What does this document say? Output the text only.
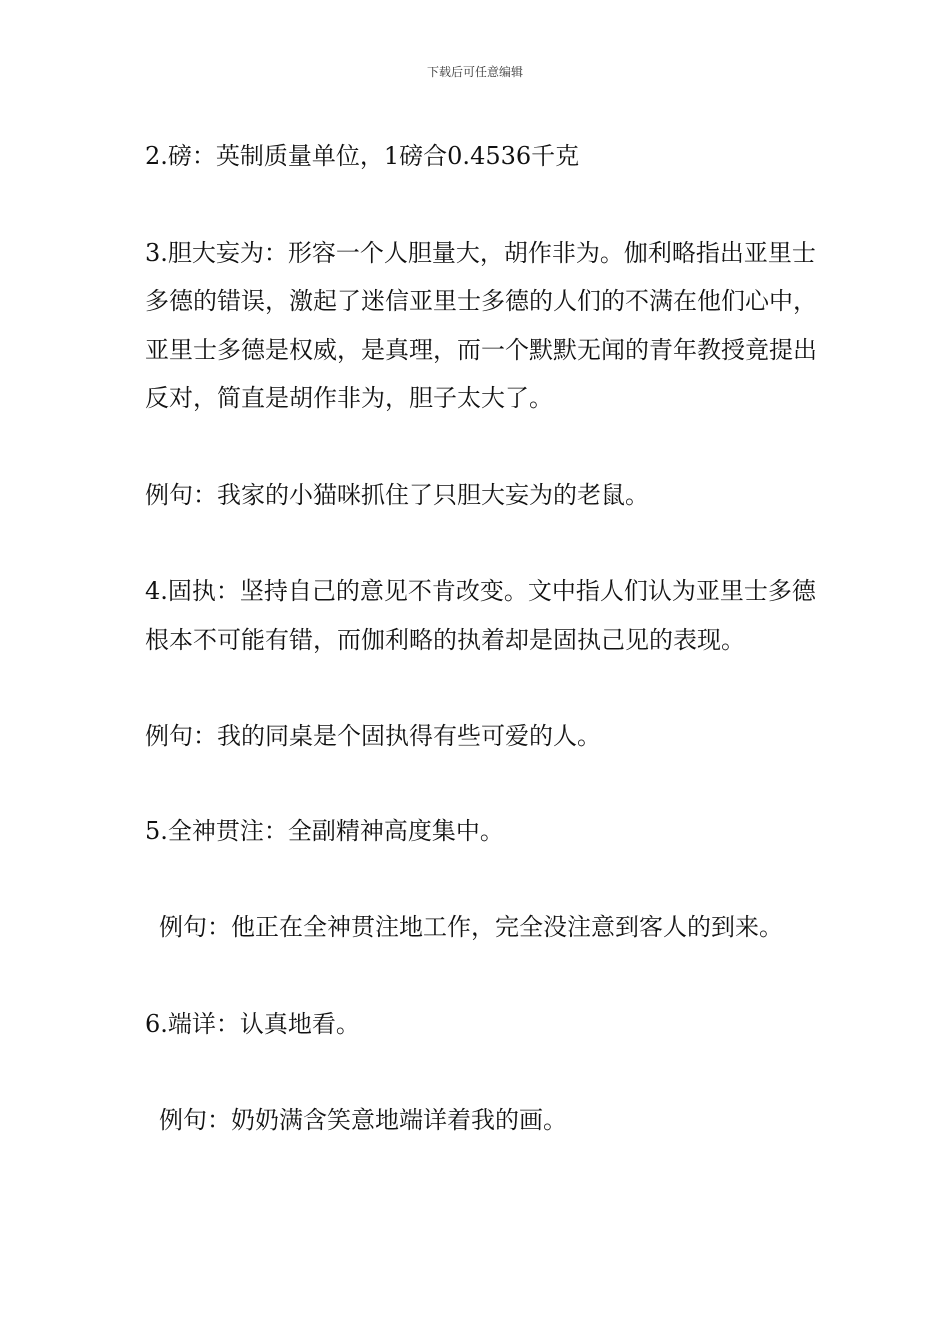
下载后可任意编辑

2.磅：英制质量单位，1磅合0.4536千克

3.胆大妄为：形容一个人胆量大，胡作非为。伽利略指出亚里士多德的错误，激起了迷信亚里士多德的人们的不满在他们心中，亚里士多德是权威，是真理，而一个默默无闻的青年教授竟提出反对，简直是胡作非为，胆子太大了。

例句：我家的小猫咪抓住了只胆大妄为的老鼠。

4.固执：坚持自己的意见不肯改变。文中指人们认为亚里士多德根本不可能有错，而伽利略的执着却是固执己见的表现。

例句：我的同桌是个固执得有些可爱的人。

5.全神贯注：全副精神高度集中。

例句：他正在全神贯注地工作，完全没注意到客人的到来。

6.端详：认真地看。

例句：奶奶满含笑意地端详着我的画。
